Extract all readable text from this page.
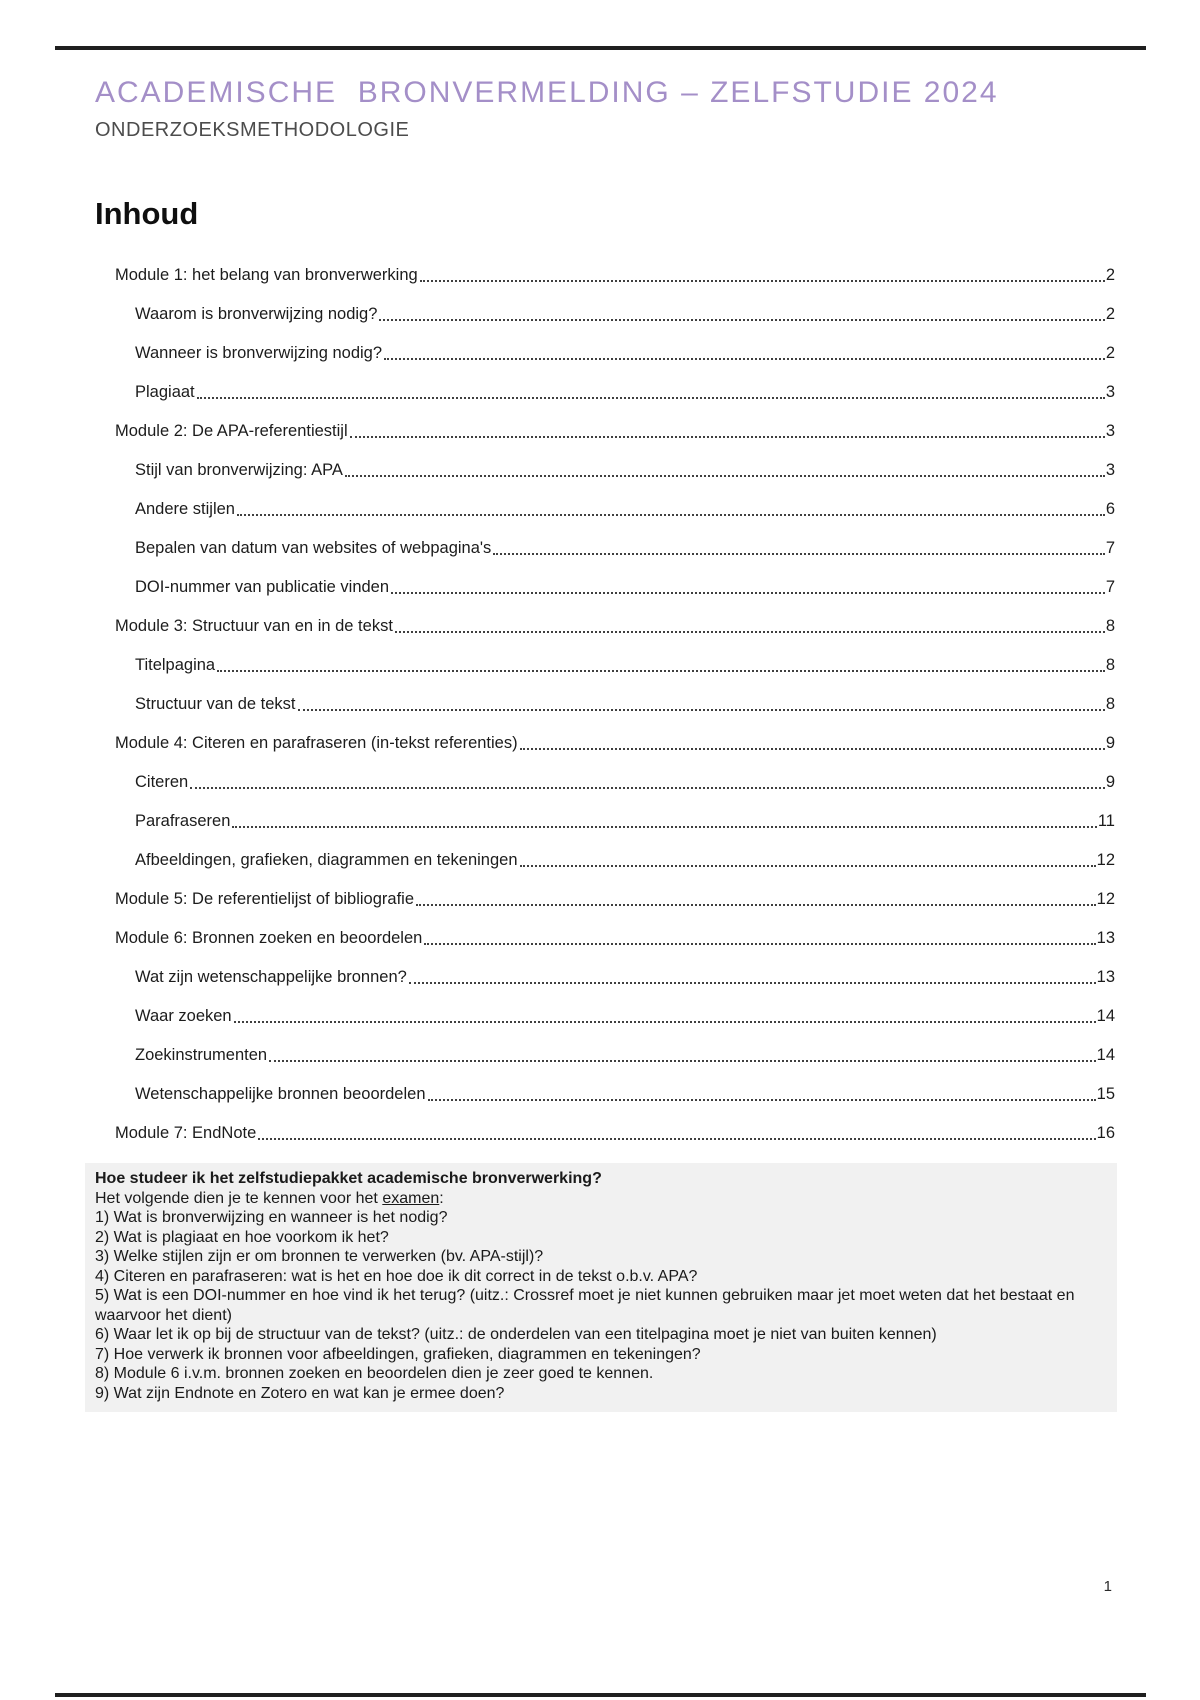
ACADEMISCHE  BRONVERMELDING – ZELFSTUDIE 2024
ONDERZOEKSMETHODOLOGIE
Inhoud
Module 1: het belang van bronverwerking	2
Waarom is bronverwijzing nodig?	2
Wanneer is bronverwijzing nodig?	2
Plagiaat	3
Module 2: De APA-referentiestijl	3
Stijl van bronverwijzing: APA	3
Andere stijlen	6
Bepalen van datum van websites of webpagina's	7
DOI-nummer van publicatie vinden	7
Module 3: Structuur van en in de tekst	8
Titelpagina	8
Structuur van de tekst	8
Module 4: Citeren en parafraseren (in-tekst referenties)	9
Citeren	9
Parafraseren	11
Afbeeldingen, grafieken, diagrammen en tekeningen	12
Module 5: De referentielijst of bibliografie	12
Module 6: Bronnen zoeken en beoordelen	13
Wat zijn wetenschappelijke bronnen?	13
Waar zoeken	14
Zoekinstrumenten	14
Wetenschappelijke bronnen beoordelen	15
Module 7: EndNote	16
Hoe studeer ik het zelfstudiepakket academische bronverwerking?
Het volgende dien je te kennen voor het examen:
1) Wat is bronverwijzing en wanneer is het nodig?
2) Wat is plagiaat en hoe voorkom ik het?
3) Welke stijlen zijn er om bronnen te verwerken (bv. APA-stijl)?
4) Citeren en parafraseren: wat is het en hoe doe ik dit correct in de tekst o.b.v. APA?
5) Wat is een DOI-nummer en hoe vind ik het terug? (uitz.: Crossref moet je niet kunnen gebruiken maar jet moet weten dat het bestaat en waarvoor het dient)
6) Waar let ik op bij de structuur van de tekst? (uitz.: de onderdelen van een titelpagina moet je niet van buiten kennen)
7) Hoe verwerk ik bronnen voor afbeeldingen, grafieken, diagrammen en tekeningen?
8) Module 6 i.v.m. bronnen zoeken en beoordelen dien je zeer goed te kennen.
9) Wat zijn Endnote en Zotero en wat kan je ermee doen?
1
